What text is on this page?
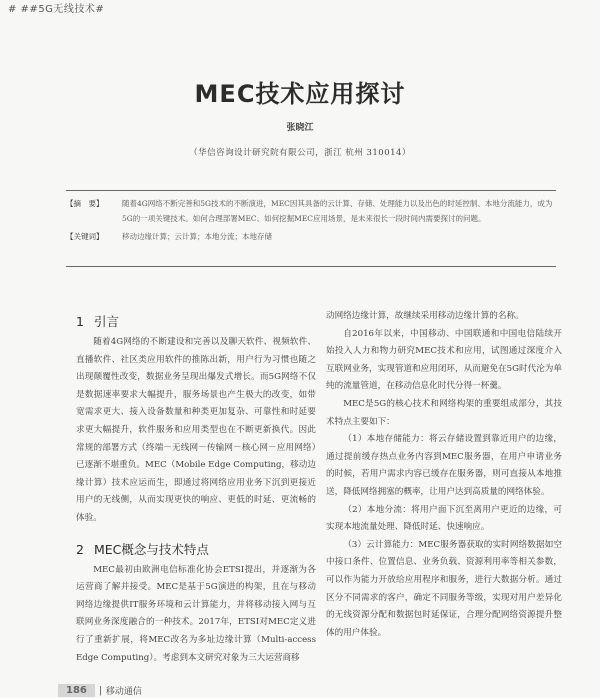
# ##5G无线技术#
MEC技术应用探讨
张晓江
（华信咨询设计研究院有限公司，浙江 杭州 310014）
【摘　要】	随着4G网络不断完善和5G技术的不断演进，MEC因其具备的云计算、存储、处理能力以及出色的时延控制、本地分流能力，成为5G的一项关键技术。如何合理部署MEC、如何挖掘MEC应用场景，是未来很长一段时间内需要探讨的问题。
【关键词】	移动边缘计算；云计算；本地分流；本地存储
1 引言

随着4G网络的不断建设和完善以及聊天软件、视频软件、直播软件、社区类应用软件的推陈出新，用户行为习惯也随之出现颠覆性改变，数据业务呈现出爆发式增长。而5G网络不仅是数据速率要求大幅提升，服务场景也产生极大的改变，如带宽需求更大、接入设备数量和种类更加复杂、可靠性和时延要求更大幅提升，软件服务和应用类型也在不断更新换代。因此常规的部署方式（终端－无线网－传输网－核心网－应用网络）已逐渐不堪重负。MEC（Mobile Edge Computing，移动边缘计算）技术应运而生，即通过将网络应用业务下沉到更接近用户的无线侧，从而实现更快的响应、更低的时延、更流畅的体验。

2 MEC概念与技术特点

MEC最初由欧洲电信标准化协会ETSI提出，并逐渐为各运营商了解并接受。MEC是基于5G演进的构架，且在与移动网络边缘提供IT服务环境和云计算能力，并将移动接入网与互联网业务深度融合的一种技术。2017年，ETSI对MEC定义进行了重新扩展，将MEC改名为多址边缘计算（Multi-access Edge Computing）。考虑到本文研究对象为三大运营商移

动网络边缘计算，故继续采用移动边缘计算的名称。

自2016年以来，中国移动、中国联通和中国电信陆续开始投入人力和物力研究MEC技术和应用，试图通过深度介入互联网业务，实现管道和应用闭环，从而避免在5G时代沦为单纯的流量管道，在移动信息化时代分得一杯羹。

MEC是5G的核心技术和网络构架的重要组成部分，其技术特点主要如下：

（1）本地存储能力：将云存储设置到靠近用户的边缘，通过提前缓存热点业务内容到MEC服务器，在用户申请业务的时候，若用户需求内容已缓存在服务器，则可直接从本地推送，降低网络拥塞的概率，让用户达到高质量的网络体验。

（2）本地分流：将用户面下沉至离用户更近的边缘，可实现本地流量处理、降低时延、快速响应。

（3）云计算能力：MEC服务器获取的实时网络数据如空中接口条件、位置信息、业务负载、资源利用率等相关参数，可以作为能力开放给应用程序和服务，进行大数据分析。通过区分不同需求的客户，确定不同服务等级，实现对用户差异化的无线资源分配和数据包时延保证，合理分配网络资源提升整体的用户体验。

186	| 移动通信
